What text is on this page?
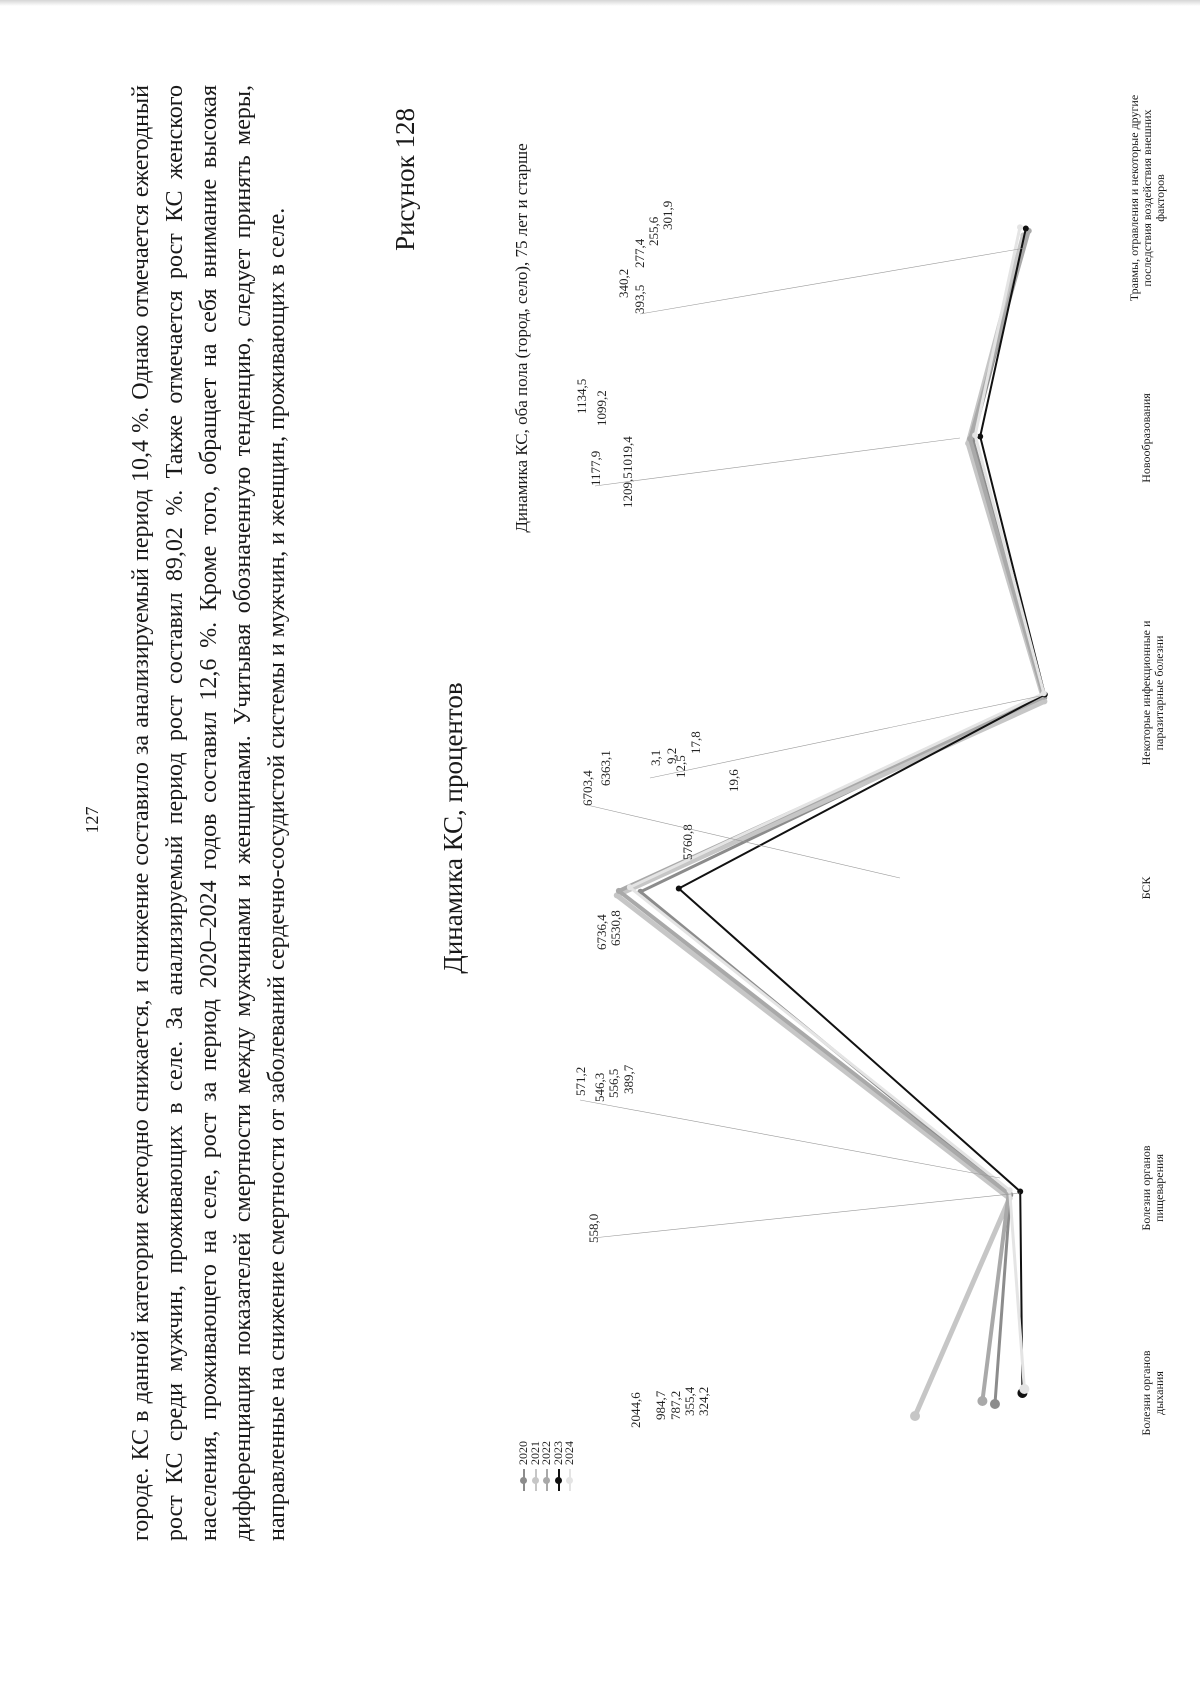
127 городе. КС в данной категории ежегодно снижается, и снижение составило за анализируемый период 10,4 %. Однако отмечается ежегодный рост КС среди мужчин, проживающих в селе. За анализируемый период рост составил 89,02 %. Также отмечается рост КС женского населения, проживающего на селе, рост за период 2020–2024 годов составил 12,6 %. Кроме того, обращает на себя внимание высокая дифференциация показателей смертности между мужчинами и женщинами. Учитывая обозначенную тенденцию, следует принять меры, направленные на снижение смертности от заболеваний сердечно-сосудистой системы и мужчин, и женщин, проживающих в селе.

Рисунок 128
Динамика КС, процентов
Динамика КС, оба пола (город, село), 75 лет и старше
2044,6 984,7 787,2 355,4 324,2
558,0
571,2 546,3 556,5 389,7
6736,4 6530,8
6703,4
6363,1
5760,8
3,1 9,2
12,5
17,8
19,6
1177,9
1209,5
1019,4
1134,5 1099,2
340,2
393,5
277,4
255,6
301,9
2020
2021
2022
2023
2024
Болезни органов дыхания
Болезни органов пищеварения
БСК
Некоторые инфекционные и паразитарные болезни
Новообразования
Травмы, отравления и некоторые другие последствия воздействия внешних факторов
